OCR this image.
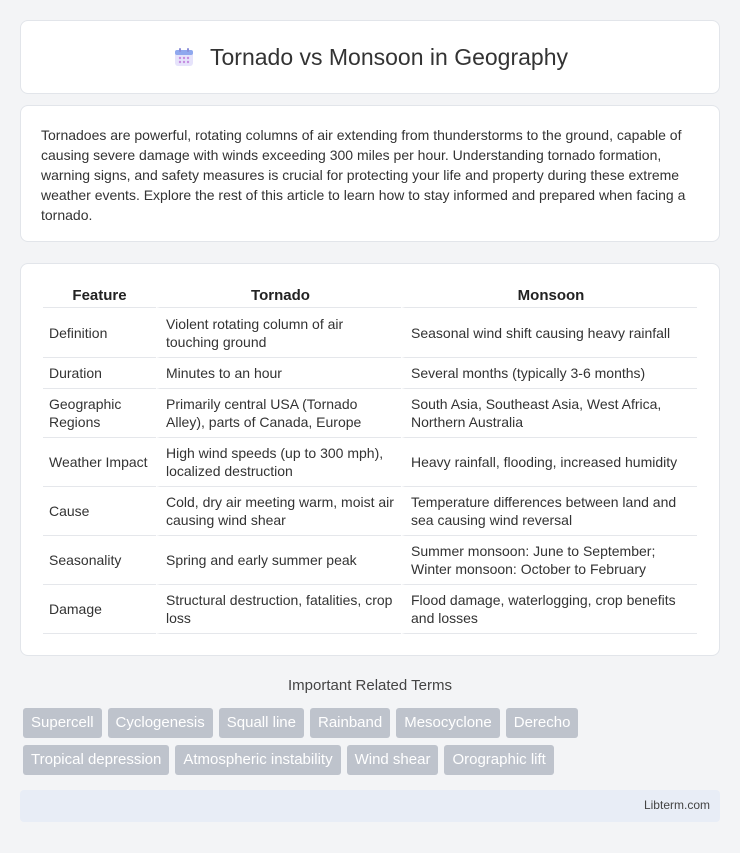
Tornado vs Monsoon in Geography

Tornadoes are powerful, rotating columns of air extending from thunderstorms to the ground, capable of causing severe damage with winds exceeding 300 miles per hour. Understanding tornado formation, warning signs, and safety measures is crucial for protecting your life and property during these extreme weather events. Explore the rest of this article to learn how to stay informed and prepared when facing a tornado.

Feature	Tornado	Monsoon
Definition	Violent rotating column of air touching ground	Seasonal wind shift causing heavy rainfall
Duration	Minutes to an hour	Several months (typically 3-6 months)
Geographic Regions	Primarily central USA (Tornado Alley), parts of Canada, Europe	South Asia, Southeast Asia, West Africa, Northern Australia
Weather Impact	High wind speeds (up to 300 mph), localized destruction	Heavy rainfall, flooding, increased humidity
Cause	Cold, dry air meeting warm, moist air causing wind shear	Temperature differences between land and sea causing wind reversal
Seasonality	Spring and early summer peak	Summer monsoon: June to September; Winter monsoon: October to February
Damage	Structural destruction, fatalities, crop loss	Flood damage, waterlogging, crop benefits and losses
Important Related Terms
Supercell	Cyclogenesis	Squall line	Rainband	Mesocyclone	Derecho
Tropical depression	Atmospheric instability	Wind shear	Orographic lift
Libterm.com
